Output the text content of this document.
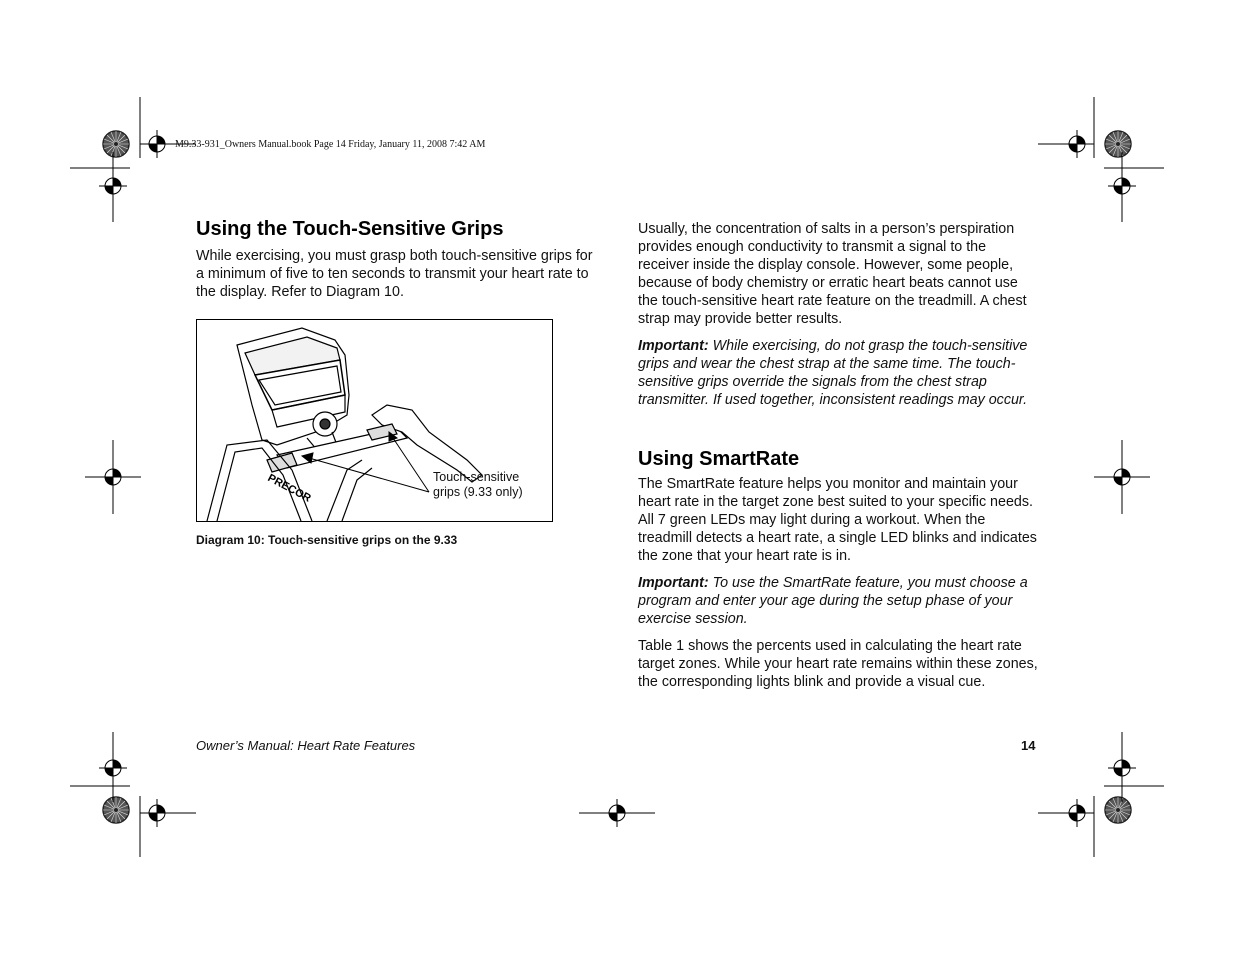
M9.33-931_Owners Manual.book Page 14 Friday, January 11, 2008 7:42 AM
Using the Touch-Sensitive Grips

While exercising, you must grasp both touch-sensitive grips for a minimum of five to ten seconds to transmit your heart rate to the display. Refer to Diagram 10.

PRECOR	Touch-sensitive
grips (9.33 only)
Diagram 10: Touch-sensitive grips on the 9.33

Usually, the concentration of salts in a person’s perspiration provides enough conductivity to transmit a signal to the receiver inside the display console. However, some people, because of body chemistry or erratic heart beats cannot use the touch-sensitive heart rate feature on the treadmill. A chest strap may provide better results.

Important: While exercising, do not grasp the touch-sensitive grips and wear the chest strap at the same time. The touch-sensitive grips override the signals from the chest strap transmitter. If used together, inconsistent readings may occur.

Using SmartRate

The SmartRate feature helps you monitor and maintain your heart rate in the target zone best suited to your specific needs. All 7 green LEDs may light during a workout. When the treadmill detects a heart rate, a single LED blinks and indicates the zone that your heart rate is in.

Important: To use the SmartRate feature, you must choose a program and enter your age during the setup phase of your exercise session.

Table 1 shows the percents used in calculating the heart rate target zones. While your heart rate remains within these zones, the corresponding lights blink and provide a visual cue.

Owner’s Manual: Heart Rate Features	14
